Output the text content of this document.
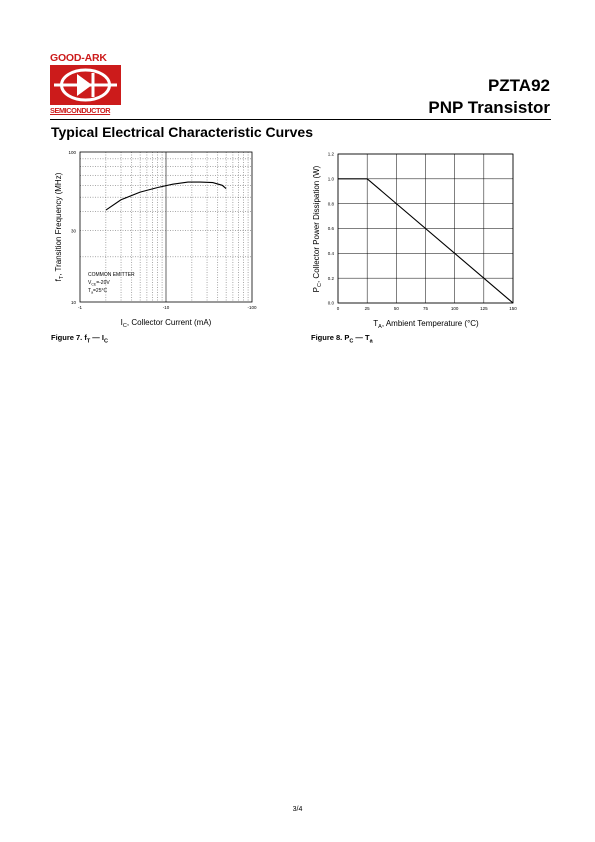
GOOD-ARK
SEMICONDUCTOR
PZTA92
PNP Transistor
Typical Electrical Characteristic Curves
-1	-10	-100
100
30
10
$I_C$, Collector Current (mA)
$f_T$, Transition Frequency (MHz)	COMMON EMITTER
$V_{CE}=-20V$
$T_a=25^\circ C$
0	25	50	75	100	125	150
0.0
0.2
0.4
0.6
0.8
1.0
1.2
$T_A$, Ambient Temperature (°C)
$P_C$, Collector Power Dissipation (W)
Figure 7. $f_T$ — $I_C$	Figure 8. $P_C$ — $T_a$
3/4
